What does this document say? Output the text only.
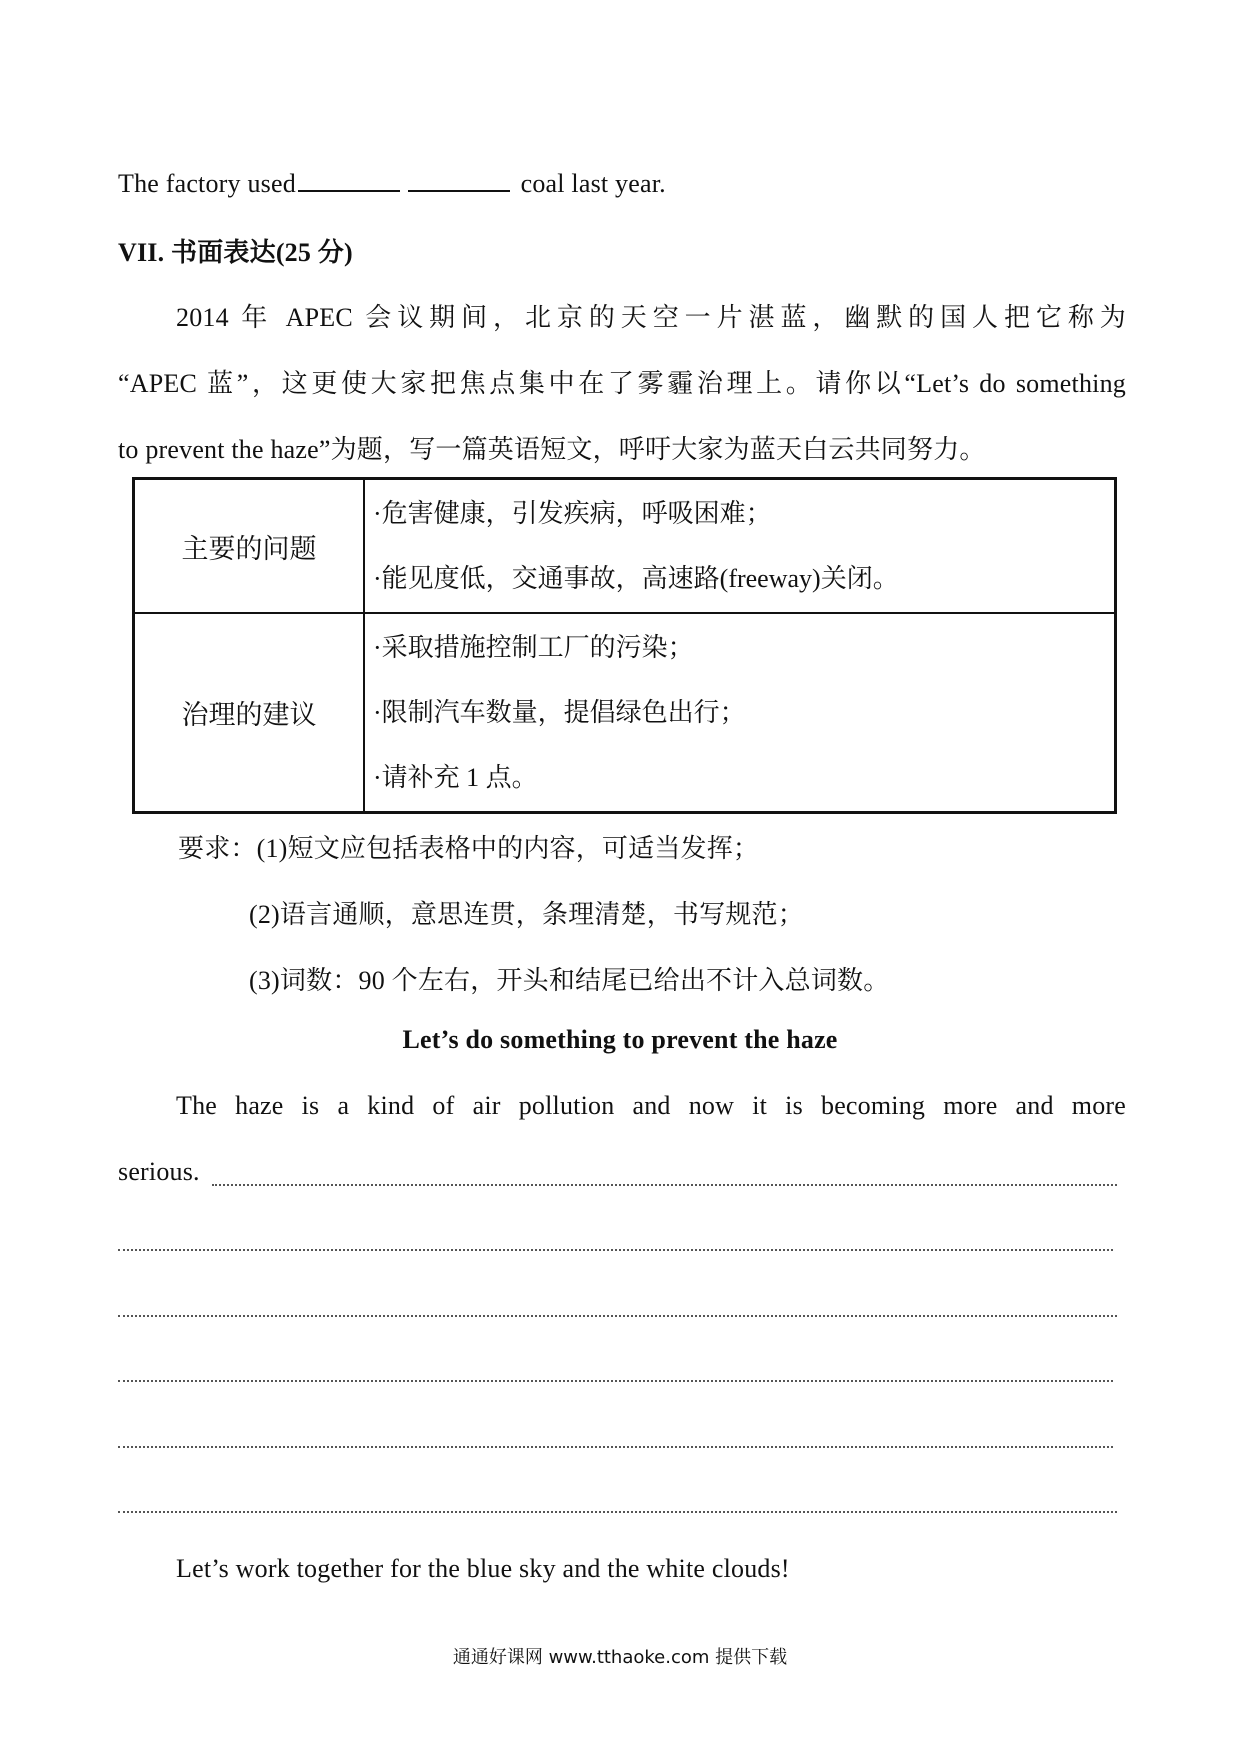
The factory used	coal last year.
VII. 书面表达(25 分)
2014 年 APEC 会议期间，北京的天空一片湛蓝，幽默的国人把它称为
“APEC 蓝”，这更使大家把焦点集中在了雾霾治理上。请你以“Let’s do something
to prevent the haze”为题，写一篇英语短文，呼吁大家为蓝天白云共同努力。
主要的问题	·危害健康，引发疾病，呼吸困难；
·能见度低，交通事故，高速路(freeway)关闭。

治理的建议	·采取措施控制工厂的污染；
·限制汽车数量，提倡绿色出行；
·请补充 1 点。
要求：(1)短文应包括表格中的内容，可适当发挥；
(2)语言通顺，意思连贯，条理清楚，书写规范；
(3)词数：90 个左右，开头和结尾已给出不计入总词数。
Let’s do something to prevent the haze
The haze is a kind of air pollution and now it is becoming more and more
serious.
Let’s work together for the blue sky and the white clouds!
通通好课网 www.tthaoke.com 提供下载
